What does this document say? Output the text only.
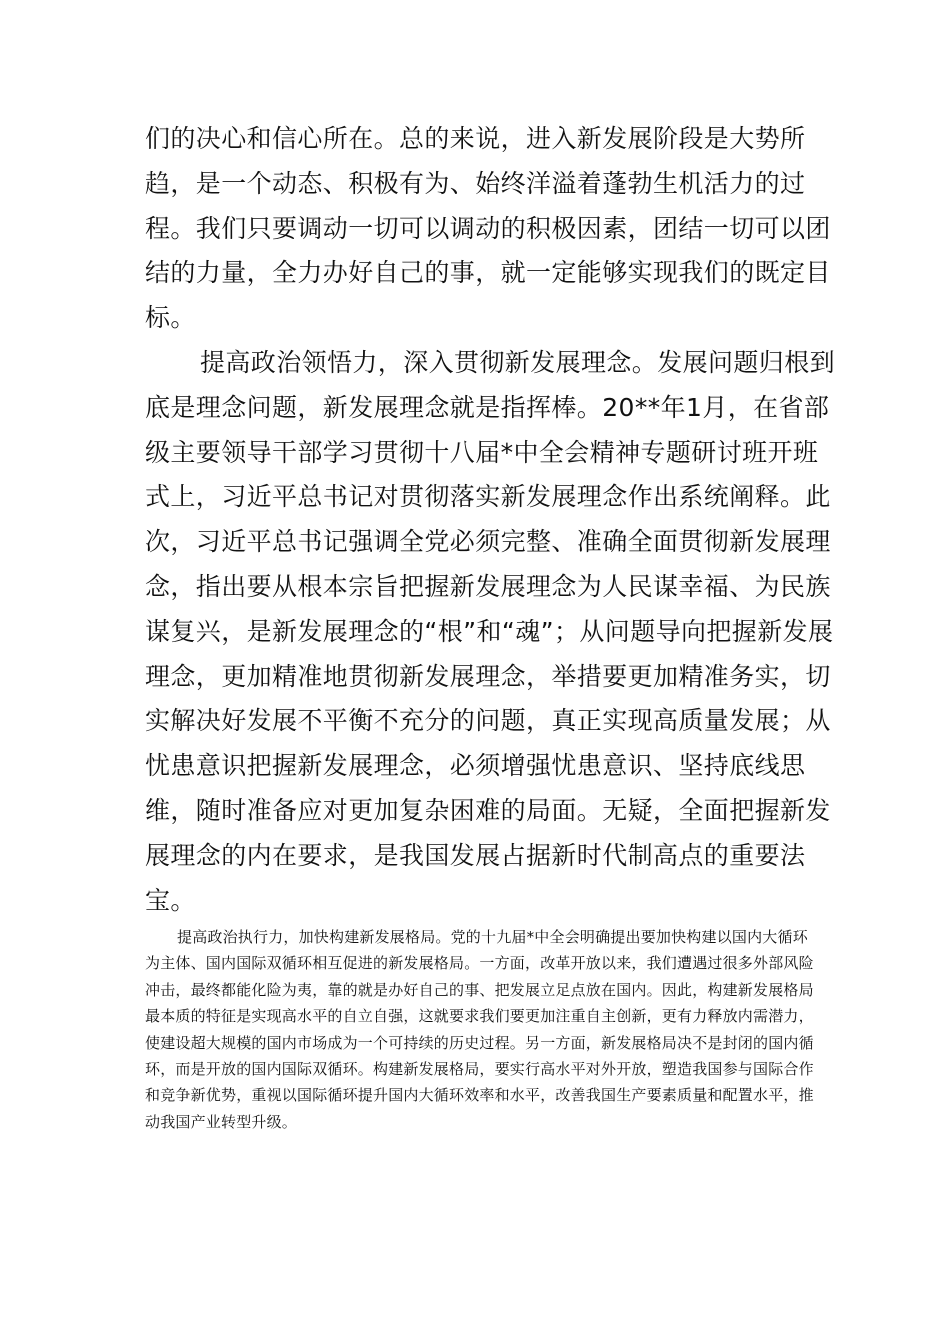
们的决心和信心所在。总的来说，进入新发展阶段是大势所趋，是一个动态、积极有为、始终洋溢着蓬勃生机活力的过程。我们只要调动一切可以调动的积极因素，团结一切可以团结的力量，全力办好自己的事，就一定能够实现我们的既定目标。

提高政治领悟力，深入贯彻新发展理念。发展问题归根到底是理念问题，新发展理念就是指挥棒。20**年1月，在省部级主要领导干部学习贯彻十八届*中全会精神专题研讨班开班式上，习近平总书记对贯彻落实新发展理念作出系统阐释。此次，习近平总书记强调全党必须完整、准确全面贯彻新发展理念，指出要从根本宗旨把握新发展理念为人民谋幸福、为民族谋复兴，是新发展理念的“根”和“魂”；从问题导向把握新发展理念，更加精准地贯彻新发展理念，举措要更加精准务实，切实解决好发展不平衡不充分的问题，真正实现高质量发展；从忧患意识把握新发展理念，必须增强忧患意识、坚持底线思维，随时准备应对更加复杂困难的局面。无疑，全面把握新发展理念的内在要求，是我国发展占据新时代制高点的重要法宝。

提高政治执行力，加快构建新发展格局。党的十九届*中全会明确提出要加快构建以国内大循环为主体、国内国际双循环相互促进的新发展格局。一方面，改革开放以来，我们遭遇过很多外部风险冲击，最终都能化险为夷，靠的就是办好自己的事、把发展立足点放在国内。因此，构建新发展格局最本质的特征是实现高水平的自立自强，这就要求我们要更加注重自主创新，更有力释放内需潜力，使建设超大规模的国内市场成为一个可持续的历史过程。另一方面，新发展格局决不是封闭的国内循环，而是开放的国内国际双循环。构建新发展格局，要实行高水平对外开放，塑造我国参与国际合作和竞争新优势，重视以国际循环提升国内大循环效率和水平，改善我国生产要素质量和配置水平，推动我国产业转型升级。
